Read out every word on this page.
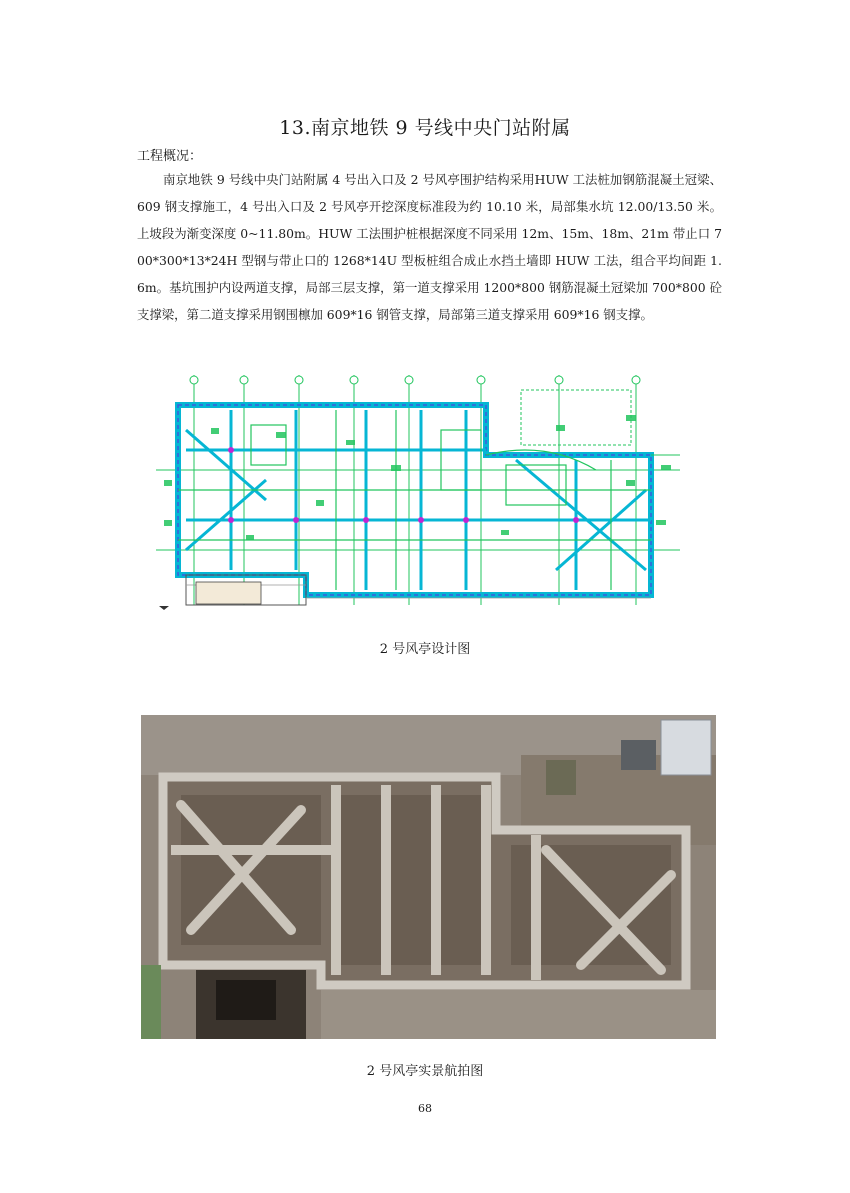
13.南京地铁 9 号线中央门站附属
工程概况：
南京地铁 9 号线中央门站附属 4 号出入口及 2 号风亭围护结构采用HUW 工法桩加钢筋混凝土冠梁、609 钢支撑施工，4 号出入口及 2 号风亭开挖深度标准段为约 10.10 米，局部集水坑 12.00/13.50 米。上坡段为渐变深度 0~11.80m。HUW 工法围护桩根据深度不同采用 12m、15m、18m、21m 带止口 700*300*13*24H 型钢与带止口的 1268*14U 型板桩组合成止水挡土墙即 HUW 工法，组合平均间距 1.6m。基坑围护内设两道支撑，局部三层支撑，第一道支撑采用 1200*800 钢筋混凝土冠梁加 700*800 砼支撑梁，第二道支撑采用钢围檩加 609*16 钢管支撑，局部第三道支撑采用 609*16 钢支撑。
2 号风亭设计图
2 号风亭实景航拍图
68
